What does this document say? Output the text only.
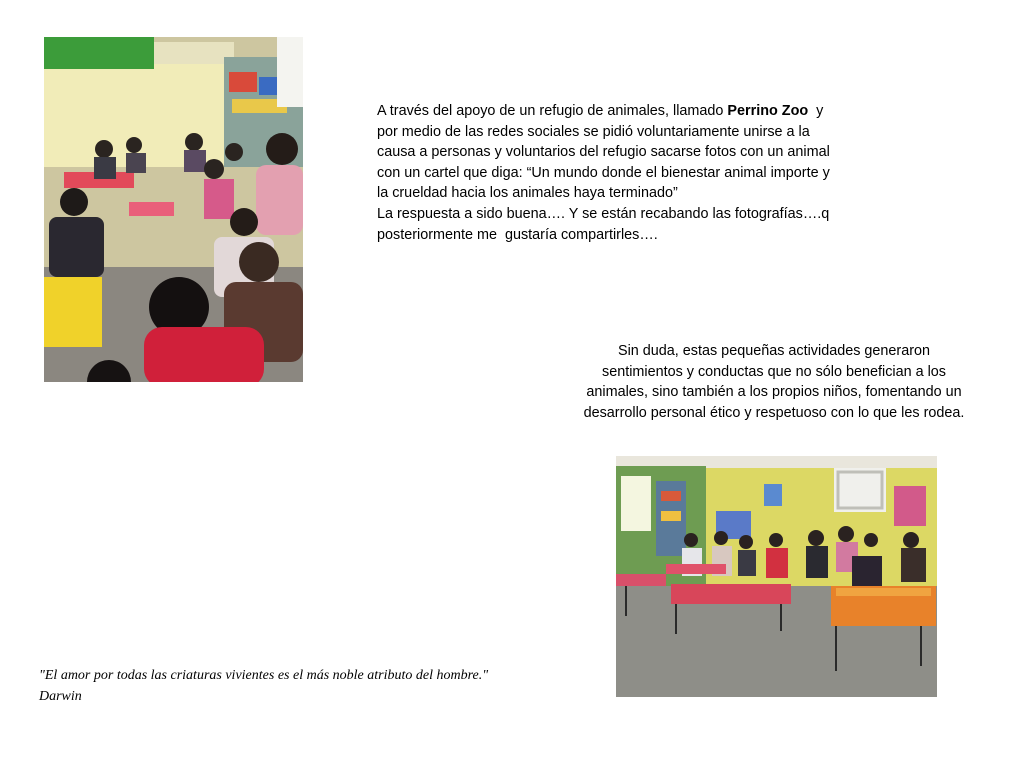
A través del apoyo de un refugio de animales, llamado Perrino Zoo  y

por medio de las redes sociales se pidió voluntariamente unirse a la

causa a personas y voluntarios del refugio sacarse fotos con un animal

con un cartel que diga: “Un mundo donde el bienestar animal importe y

la crueldad hacia los animales haya terminado”

La respuesta a sido buena…. Y se están recabando las fotografías….q

posteriormente me  gustaría compartirles….

Sin duda, estas pequeñas actividades generaron

sentimientos y conductas que no sólo benefician a los

animales, sino también a los propios niños, fomentando un

desarrollo personal ético y respetuoso con lo que les rodea.

"El amor por todas las criaturas vivientes es el más noble atributo del hombre."
Darwin
